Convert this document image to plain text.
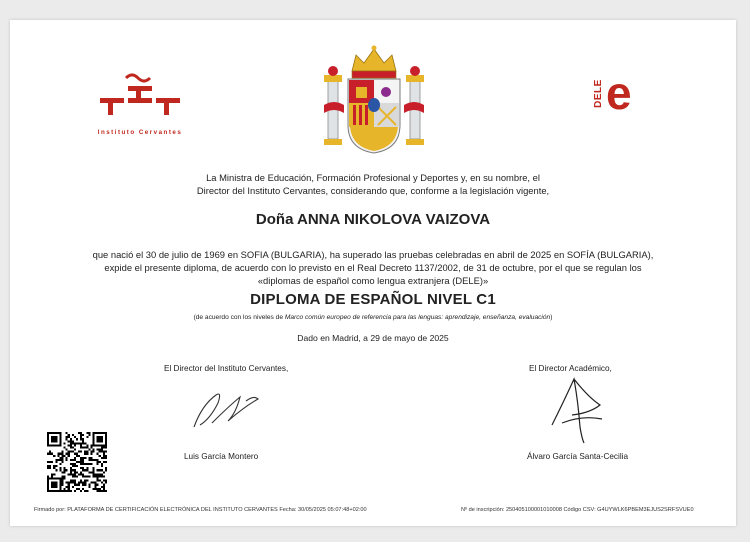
Instituto Cervantes
DELE e
La Ministra de Educación, Formación Profesional y Deportes y, en su nombre, el
Director del Instituto Cervantes, considerando que, conforme a la legislación vigente,
Doña ANNA NIKOLOVA VAIZOVA
que nació el 30 de julio de 1969 en SOFIA (BULGARIA), ha superado las pruebas celebradas en abril de 2025 en SOFÍA (BULGARIA),
expide el presente diploma, de acuerdo con lo previsto en el Real Decreto 1137/2002, de 31 de octubre, por el que se regulan los
«diplomas de español como lengua extranjera (DELE)»
DIPLOMA DE ESPAÑOL NIVEL C1
(de acuerdo con los niveles de Marco común europeo de referencia para las lenguas: aprendizaje, enseñanza, evaluación)
Dado en Madrid, a 29 de mayo de 2025
El Director del Instituto Cervantes,
Luis García Montero
El Director Académico,
Álvaro García Santa-Cecilia
Firmado por: PLATAFORMA DE CERTIFICACIÓN ELECTRÓNICA DEL INSTITUTO CERVANTES Fecha: 30/05/2025 05:07:48+02:00	Nº de inscripción: 250405100001010008 Código CSV: G4UYWLK6PBEM3EJUS2SRFSVUE0
